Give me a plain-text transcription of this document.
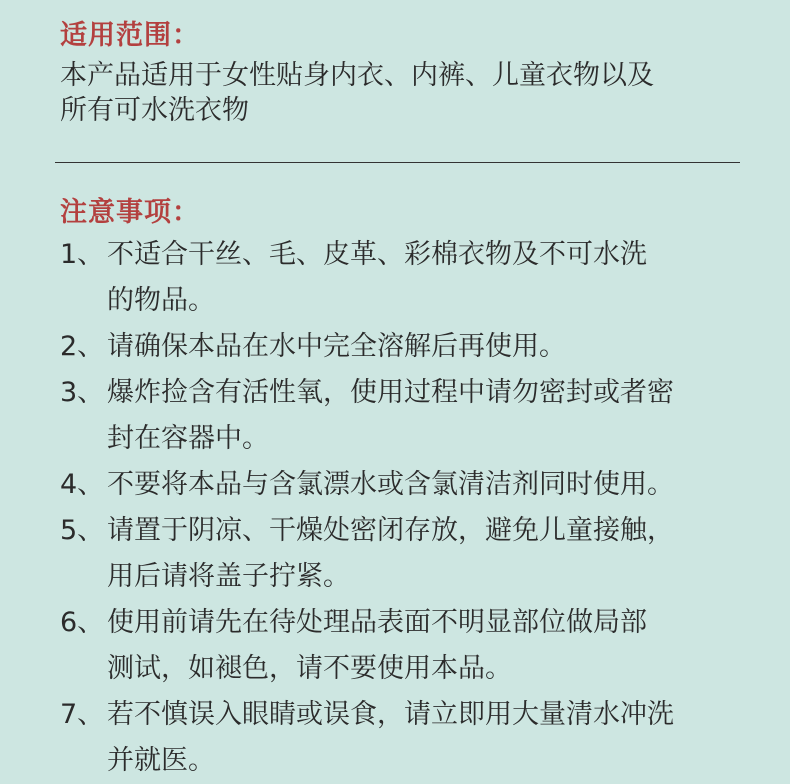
适用范围：
本产品适用于女性贴身内衣、内裤、儿童衣物以及
所有可水洗衣物
注意事项：
1、 不适合干丝、毛、皮革、彩棉衣物及不可水洗
的物品。
2、 请确保本品在水中完全溶解后再使用。
3、 爆炸捡含有活性氧，使用过程中请勿密封或者密
封在容器中。
4、 不要将本品与含氯漂水或含氯清洁剂同时使用。
5、 请置于阴凉、干燥处密闭存放，避免儿童接触，
用后请将盖子拧紧。
6、 使用前请先在待处理品表面不明显部位做局部
测试，如褪色，请不要使用本品。
7、 若不慎误入眼睛或误食，请立即用大量清水冲洗
并就医。
